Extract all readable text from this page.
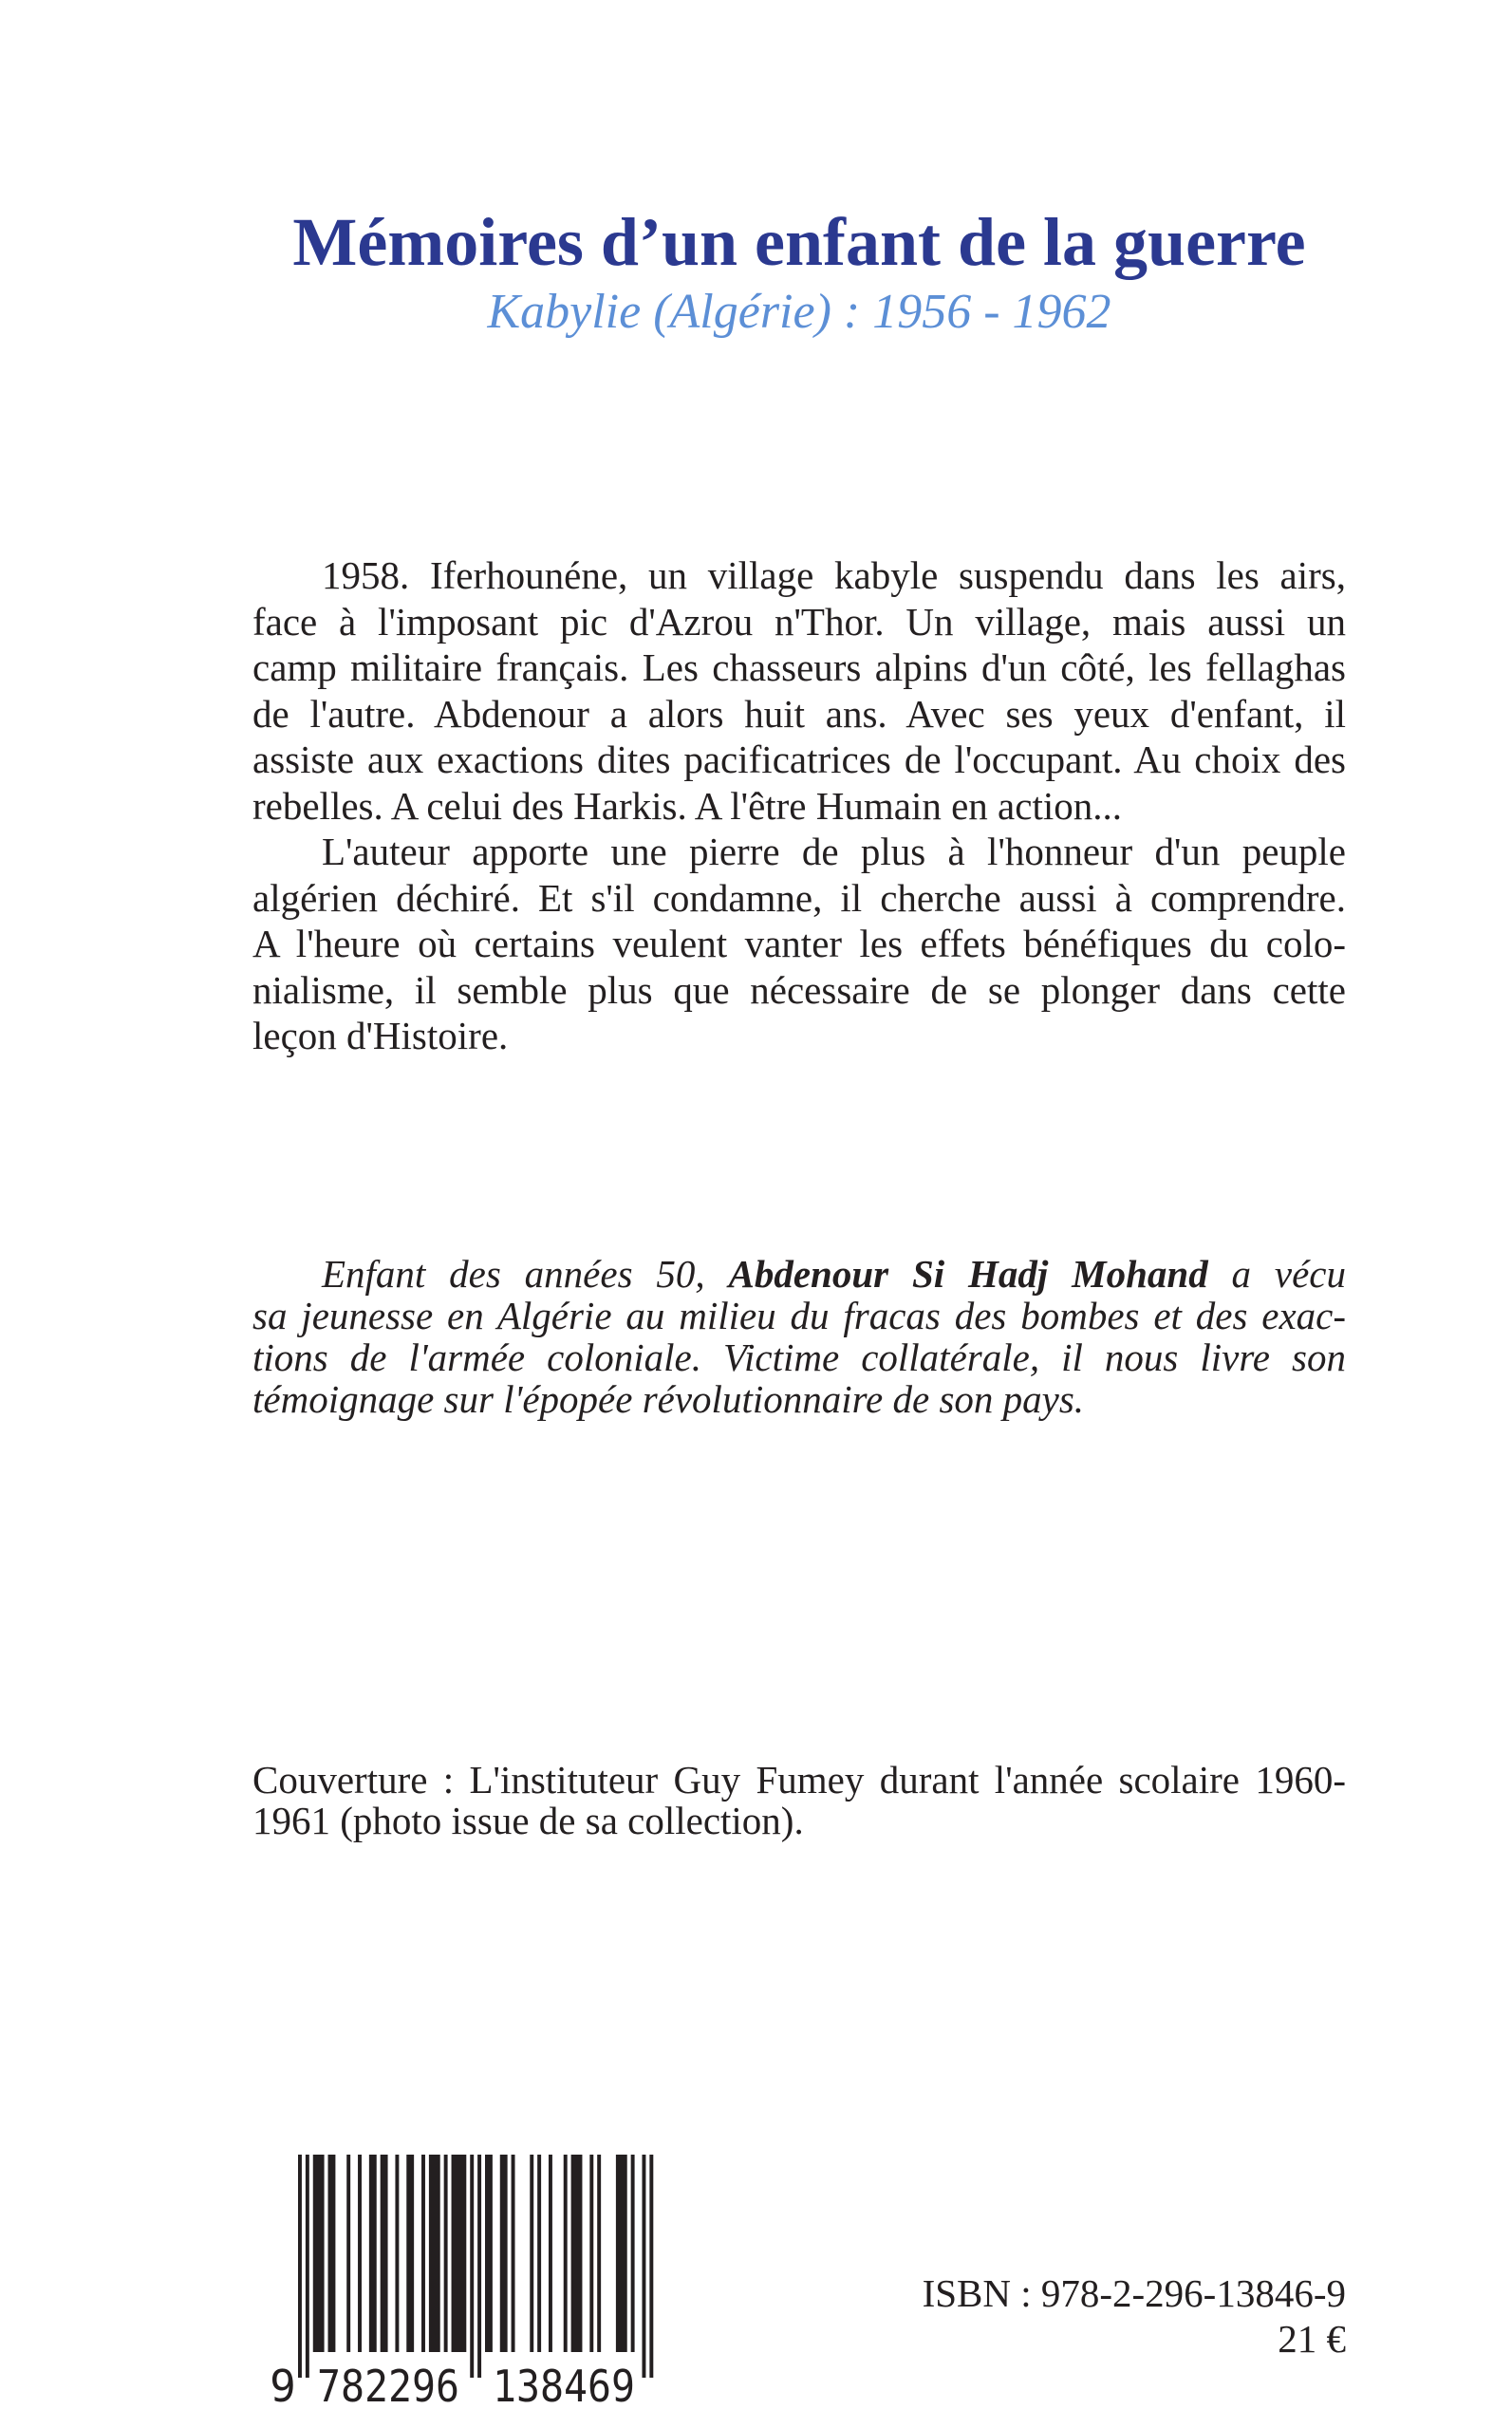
Mémoires d’un enfant de la guerre
Kabylie (Algérie) : 1956 - 1962
1958. Iferhounéne, un village kabyle suspendu dans les airs,
face à l'imposant pic d'Azrou n'Thor. Un village, mais aussi un
camp militaire français. Les chasseurs alpins d'un côté, les fellaghas
de l'autre. Abdenour a alors huit ans. Avec ses yeux d'enfant, il
assiste aux exactions dites pacificatrices de l'occupant. Au choix des
rebelles. A celui des Harkis. A l'être Humain en action...
L'auteur apporte une pierre de plus à l'honneur d'un peuple
algérien déchiré. Et s'il condamne, il cherche aussi à comprendre.
A l'heure où certains veulent vanter les effets bénéfiques du colo-
nialisme, il semble plus que nécessaire de se plonger dans cette
leçon d'Histoire.
Enfant des années 50, Abdenour Si Hadj Mohand a vécu
sa jeunesse en Algérie au milieu du fracas des bombes et des exac-
tions de l'armée coloniale. Victime collatérale, il nous livre son
témoignage sur l'épopée révolutionnaire de son pays.
Couverture : L'instituteur Guy Fumey durant l'année scolaire 1960-
1961 (photo issue de sa collection).
9 782296 138469
ISBN : 978-2-296-13846-9
21 €
